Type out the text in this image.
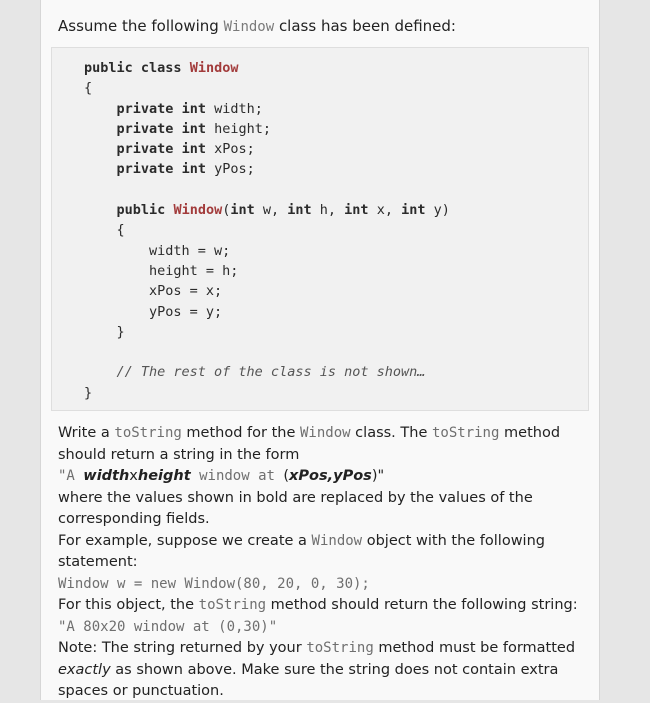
Assume the following Window class has been defined:
public class Window
{
private int width;
private int height;
private int xPos;
private int yPos;

public Window(int w, int h, int x, int y)
{
width = w;
height = h;
xPos = x;
yPos = y;
}

// The rest of the class is not shown…
}

Write a toString method for the Window class. The toString method should return a string in the form

"A widthxheight window at (xPos,yPos)"

where the values shown in bold are replaced by the values of the corresponding fields.

For example, suppose we create a Window object with the following statement:

Window w = new Window(80, 20, 0, 30);

For this object, the toString method should return the following string:

"A 80x20 window at (0,30)"

Note: The string returned by your toString method must be formatted exactly as shown above. Make sure the string does not contain extra spaces or punctuation.
